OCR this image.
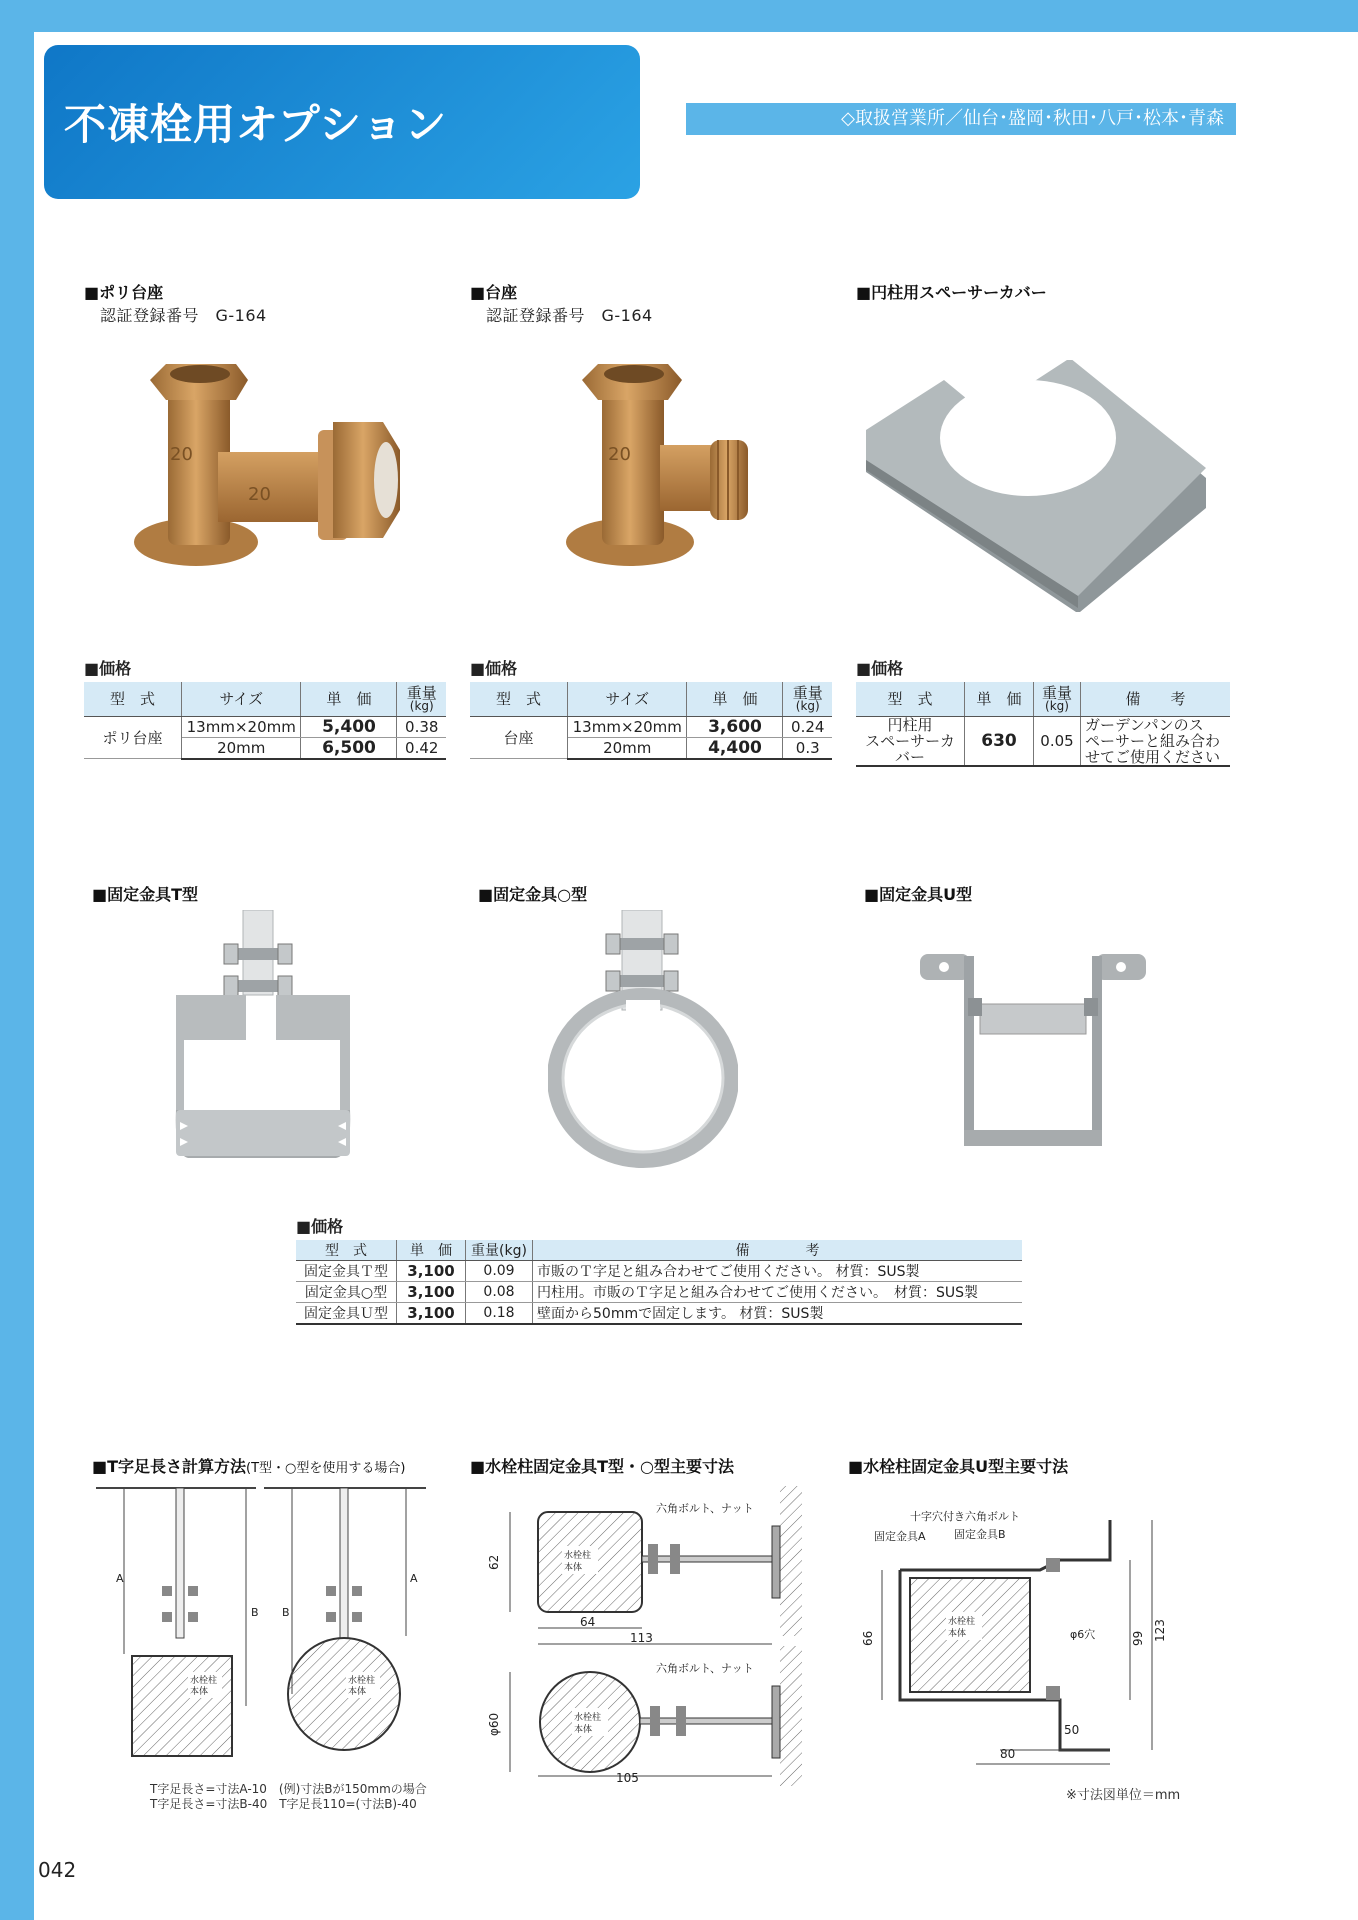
不凍栓用オプション	◇取扱営業所／仙台･盛岡･秋田･八戸･松本･青森
■ポリ台座
認証登録番号　G-164
■台座
認証登録番号　G-164
■円柱用スペーサーカバー
20
20
20
■価格	■価格	■価格
型　式	サイズ	単　価	重量
(kg)

ポリ台座	13mm×20mm	5,400	0.38
	20mm	6,500	0.42
型　式	サイズ	単　価	重量
(kg)

台座	13mm×20mm	3,600	0.24
	20mm	4,400	0.3
型　式	単　価	重量
(kg)	備　　考
円柱用
スペーサーカバー	630	0.05	ガーデンパンのス
ペーサーと組み合わ
せてご使用ください
■固定金具T型	■固定金具○型	■固定金具U型
■価格
型　式	単　価	重量(kg)	備　　　　考
固定金具Ｔ型	3,100	0.09	市販のＴ字足と組み合わせてご使用ください。 材質：SUS製
固定金具○型	3,100	0.08	円柱用。市販のＴ字足と組み合わせてご使用ください。　材質：SUS製
固定金具Ｕ型	3,100	0.18	壁面から50mmで固定します。 材質：SUS製
■T字足長さ計算方法(T型・○型を使用する場合)	■水栓柱固定金具T型・○型主要寸法	■水栓柱固定金具U型主要寸法
A
B B
A
水栓柱
本体
水栓柱
本体
T字足長さ=寸法A-10　(例)寸法Bが150mmの場合
T字足長さ=寸法B-40　T字足長110=(寸法B)-40
水栓柱
本体
六角ボルト、ナット
62
64
113
水栓柱
本体
六角ボルト、ナット
φ60
105
十字穴付き六角ボルト
固定金具A	固定金具B
水栓柱
本体	φ6穴
66	99 123
50
80
※寸法図単位＝mm
042
